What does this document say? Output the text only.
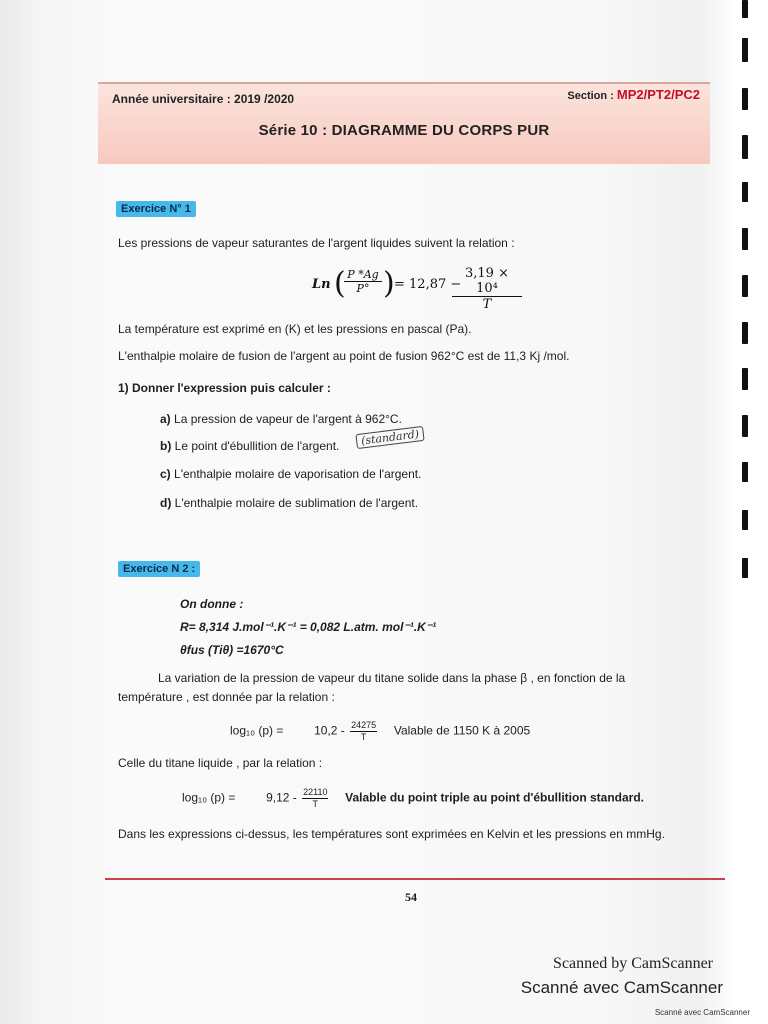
Année universitaire : 2019 /2020	Section : MP2/PT2/PC2
Série 10 : DIAGRAMME DU CORPS PUR
Exercice N° 1
Les pressions de vapeur saturantes de l'argent liquides suivent la relation :
Ln ( P *Ag
P° ) = 12,87 −
3,19 × 10⁴
T
La température est exprimé en (K) et les pressions en pascal (Pa).
L'enthalpie molaire de fusion de l'argent au point de fusion 962°C est de 11,3 Kj /mol.
1) Donner l'expression puis calculer :
a) La pression de vapeur de l'argent à 962°C.
b) Le point d'ébullition de l'argent.	(standard)
c) L'enthalpie molaire de vaporisation de l'argent.
d) L'enthalpie molaire de sublimation de l'argent.
Exercice N 2 :
On donne :
R= 8,314 J.mol⁻¹.K⁻¹ = 0,082 L.atm. mol⁻¹.K⁻¹
θfus (Tiθ) =1670°C
La variation de la pression de vapeur du titane solide dans la phase β , en fonction de la
température , est donnée par la relation :
log₁₀ (p) =	$10,2 - \frac{24275}{T}$ Valable de 1150 K à 2005
Celle du titane liquide , par la relation :
log₁₀ (p) =	$9,12 - \frac{22110}{T}$ Valable du point triple au point d'ébullition standard.
Dans les expressions ci-dessus, les températures sont exprimées en Kelvin et les pressions en mmHg.
54
Scanned by CamScanner
Scanné avec CamScanner
Scanné avec CamScanner
